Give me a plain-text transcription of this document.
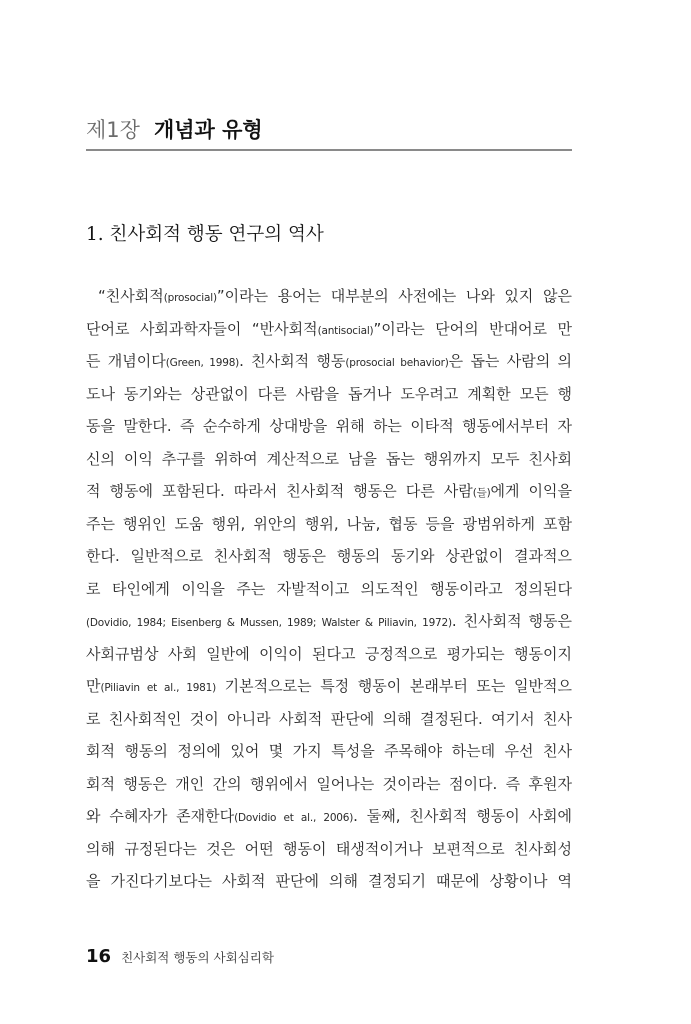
제1장 개념과 유형
1. 친사회적 행동 연구의 역사
“친사회적(prosocial)”이라는 용어는 대부분의 사전에는 나와 있지 않은
단어로 사회과학자들이 “반사회적(antisocial)”이라는 단어의 반대어로 만
든 개념이다(Green, 1998). 친사회적 행동(prosocial behavior)은 돕는 사람의 의
도나 동기와는 상관없이 다른 사람을 돕거나 도우려고 계획한 모든 행
동을 말한다. 즉 순수하게 상대방을 위해 하는 이타적 행동에서부터 자
신의 이익 추구를 위하여 계산적으로 남을 돕는 행위까지 모두 친사회
적 행동에 포함된다. 따라서 친사회적 행동은 다른 사람(들)에게 이익을
주는 행위인 도움 행위, 위안의 행위, 나눔, 협동 등을 광범위하게 포함
한다. 일반적으로 친사회적 행동은 행동의 동기와 상관없이 결과적으
로 타인에게 이익을 주는 자발적이고 의도적인 행동이라고 정의된다
(Dovidio, 1984; Eisenberg & Mussen, 1989; Walster & Piliavin, 1972). 친사회적 행동은
사회규범상 사회 일반에 이익이 된다고 긍정적으로 평가되는 행동이지
만(Piliavin et al., 1981) 기본적으로는 특정 행동이 본래부터 또는 일반적으
로 친사회적인 것이 아니라 사회적 판단에 의해 결정된다. 여기서 친사
회적 행동의 정의에 있어 몇 가지 특성을 주목해야 하는데 우선 친사
회적 행동은 개인 간의 행위에서 일어나는 것이라는 점이다. 즉 후원자
와 수혜자가 존재한다(Dovidio et al., 2006). 둘째, 친사회적 행동이 사회에
의해 규정된다는 것은 어떤 행동이 태생적이거나 보편적으로 친사회성
을 가진다기보다는 사회적 판단에 의해 결정되기 때문에 상황이나 역
16 친사회적 행동의 사회심리학
